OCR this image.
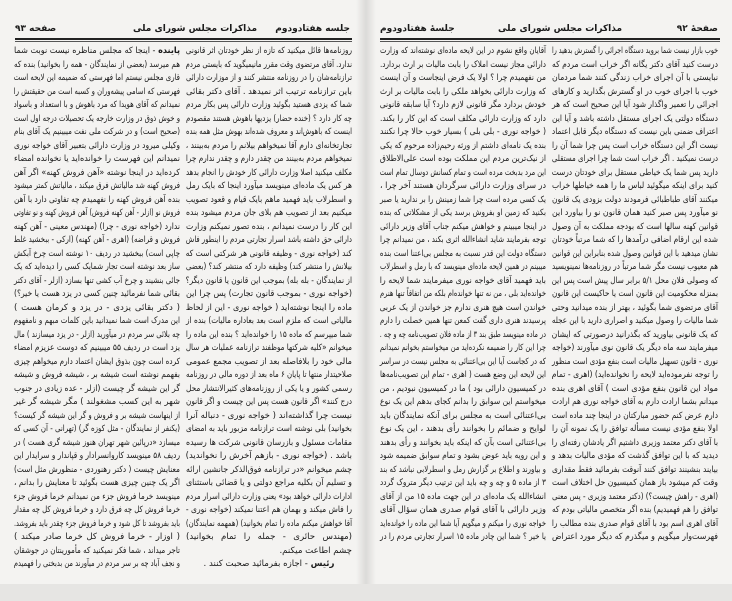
صفحه ۹۳	مذاکرات مجلس شورای ملی جلسه هفتادودوم
روزنامه‌ها قائل میکنید که تازه از نظر خودتان اثر قانونی
ندارد. آقای مرتضوی وقت مقرر مانیمیگوید که بایستی مردم
ترازنامه‌شان را در روزنامه منتشر کنند و از موزارت دارائی
باین ترازنامه ترتیب اثر نمیدهد . آقای دکتر بقائی
شما که یزدی هستید بگوئید وزارت دارائی پس بکار مردم
چه کار دارد ؟ (خنده حضار) یزدیها باهوش هستند مقصودم
اینست که باهوش‌اند و معروف شده‌اند بهوش مثل همه بنده
تجارتخانه‌ای دارم آقا نمیخواهم بیلانم را مردم به‌بینند ،
نمیخواهم مردم به‌بینند من چقدر دارم و چقدر ندارم چرا
مکلف میکنید اصلا وزارت دارائی کار خودش را انجام بدهد
هر کس یک ماده‌ای مینویسد میآورد اینجا که بایک رمل
و اسطرلاب باید فهمید ماهم بایک قیام و قعود تصویب
میکنیم بعد از تصویب هم بلای جان مردم میشود بنده
این کار را درست نمیدانم ، بنده تصور نمیکنم وزارت
دارائی حق داشته باشد اسرار تجارتی مردم را اینطور فاش
کند (خواجه نوری - وظیفه قانونی هر شرکتی است که
بیلانش را منتشر کند) وظیفه دارد که منتشر کند؟ (بعضی
از نمایندگان - بله بله) بموجب این قانون یا قانون دیگر؟
(خواجه نوری - بموجب قانون تجارت) پس چرا این
ماده را اینجا نوشته‌اید ( خواجه نوری - این از لحاظ
مالیاتی است که ملزم است بعد بعاداره مالیات) بنده از
شما میپرسم که ماده ۱۵ را خوانده‌اید ؟ بنده این ماده را
میخوانم «کلیه شرکتها موظفند ترازنامه عملیات هر سال
مالی خود را بلافاصله بعد از تصویب مجمع عمومی
صلاحیتدار منتها تا پایان ۶ ماه بعد از دوره مالی در روزنامه
رسمی کشور و یا یکی از روزنامه‌های کثیرالانتشار محل
درج کنند» اگر قانون هست پس این چیست و اگر قانون
نیست چرا گذاشته‌اند ( خواجه نوری - دنباله آنرا
بخوانید) بلی نوشته است ترازنامه مزبور باید به امضای
مقامات مسئول و بازرسان قانونی شرکت ها رسیده
باشد . (خواجه نوری - بازهم آخرش را نخواندید)
چشم میخوانم «در ترازنامه فوق‌الذکر جانشین ارائه
و تسلیم آن بکلیه مراجع دولتی و یا قضائی باستثنای
ادارات دارائی خواهد بود» یعنی وزارت دارائی اسرار مردم
را فاش میکند و بهمان هم اعتنا نمیکند (خواجه نوری -
آقا خواهش میکنم ماده را تمام بخوانید) (همهمه نمایندگان)
(مهندس حائری - جمله را تمام بخوانید)
چشم اطاعت میکنم.
رئیس - اجازه بفرمائید صحبت کنند .
پاینده - اینجا که مجلس مناظره نیست نوبت شما
هم میرسد (بعضی از نمایندگان - همه را بخوانید) بنده که
قاری مجلس نیستم اما فهرستی که ضمیمه این لایحه است
فهرستی که اسامی پیشه‌وران و کسبه است من حقیقتش را
نمیدانم که آقای هویدا که مرد باهوش و با استعداد و باسواد
و خوش ذوق در وزارت خارجه یک تحصیلات درجه اول است
(صحیح است) و در شرکت ملی نفت میبینیم یک آقای بنام
وکیلی میرود در وزارت دارائی بتعبیر آقای خواجه نوری
نمیدانم این فهرست را خوانده‌اید یا نخوانده امضاء
کرده‌اید در اینجا نوشته «آهن فروش کهنه» اگر آهن
فروش کهنه شد مالیاتش فرق میکند ، مالیاتش کمتر میشود
بنده آهن فروش کهنه را نفهمیدم چه تفاوتی دارد با آهن
فروش نو (ازلر - آهن کهنه فروش) آهن فروش کهنه و نو تفاوتی
ندارد (خواجه نوری - چرا) (مهندس معینی - آهن کهنه
فروش و قراضه) (اهری - آهن کهنه) (ارکی - ببخشید غلط
چاپی است) ببخشید در ردیف ۱۰ نوشته است چرخ آبکش
ساز بعد نوشته است تجار شمایک کسی را دیده‌اید که یک
جائی بنشیند و چرخ آب کشی تنها بسازد (ازلر - آقای دکتر
بقائی شما نفرمائید چنین کسی در یزد هست یا خیر؟)
( دکتر بقائی یزدی - در یزد و کرمان هست )
این مدرک است شما نمیدانید باین کلمات مبهم و نامفهوم
چه بلائی سر مردم در میآورید (ازلر - در یزد میسازند ) مال
یزد است در ردیف ۵۵ میبینیم که دوست عزیزم امضاء
کرده است چون بذوق ایشان اعتماد دارم میخواهم چیزی
بفهمم نوشته است شیشه بر ، شیشه فروش و شیشه
گر این شیشه گر چیست (ازلر - عده زیادی در جنوب
شهر به این کسب مشغولند ) مگر شیشه گر غیر
از اینهاست شیشه بر و فروش و گر این شیشه گر کیست؟
(یکنفر از نمایندگان - مثل کوزه گر) (تهرانی - آن کسی که
میسازد «درپائین شهر تهران هنوز شیشه گری هست ) در
ردیف ۵۸ مینویسد کاروانسرادار و قپاندار و سرایدار این
معنایش چیست ( دکتر رهنوردی - منظورش مثل است)
اگر یک چنین چیزی هست بگوئید تا معنایش را بدانم ،
مینویسد خرما فروش جزء من نمیدانم خرما فروش جزء
خرما فروش کل چه فرق دارد و خرما فروش کل چه مقدار
باید بفروشد تا کل شود و خرما فروش جزء چقدر باید بفروشد.
( اوزار - خرما فروش کل خرما صادر میکند )
تاجر میداند ، شما فکر نمیکنید که مأمورینتان در جوشقان
و نجف آباد چه بر سر مردم در میآورند من بدبختی را فهمیدم
صفحهٔ ۹۲
مذاکرات مجلس شورای ملی
جلسهٔ هفتادودوم
خوب بازار نیست شما بروید دستگاه اجرائی را گسترش بدهید را
درست کنید آقای دکتر یگانه اگر خراب است مردم که
نبایستی با آن اجرای خراب زندگی کنند شما مردمان
خوب با اجرای خوب در او گسترش بگذارید و کارهای
اجرائی را تعمیر واگذار شود آیا این صحیح است که هر
دستگاه دولتی یک اجرای مستقل داشته باشد و آیا این
اعتراف ضمنی باین نیست که دستگاه دیگر قابل اعتماد
نیست اگر این دستگاه خراب است پس چرا شما آن را
درست نمیکنید . اگر خراب است شما چرا اجرای مستقلی
دارید پس شما یک خیاطی مستقل برای خودتان درست
کنید برای اینکه میگوئید لباس ما را همه خیاطها خراب
میکنند آقای طباطبائی فرمودند دولت بزودی یک قانون
نو میآورد پس صبر کنید همان قانون نو را بیاورد این
قوانین کهنه سالها است که بودجه مملکت به آن وصول
شده این ارقام اضافی درآمدها را که شما مرتباً خودتان
نشان میدهید با این قوانین وصول شده بنابراین این قوانین
هم معیوب نیست مگر شما مرتباً در روزنامه‌ها نمینویسید
که وصولی فلان محل ۵/۱ برابر سال پیش است پس این
بمنزله محکومیت این قانون است یا حاکیست این قانون
آقای مرتضوی شما بگوئید ، بهتر از بنده میدانید وحتی
شما مالیات را وصول میکنید و اصراری دارید با این عجله
که یک قانونی بیاورید که بگذرانید درصورتی که ایشان
میفرمایند سه ماه دیگر یک قانون نوی میآورند (خواجه
نوری - قانون تسهیل مالیات است بنفع مؤدی است منظور
را توجه نفرموده‌اید لایحه را نخوانده‌اید) (اهری - تمام
مواد این قانون بنفع مؤدی است ) آقای اهری بنده
میدانم بشما ارادت دارم به آقای خواجه نوری هم ارادت
دارم عرض کنم حضور مبارکتان در اینجا چند ماده است
اولا بنفع مؤدی نیست مسأله توافق را یک نمونه آن را
با آقای دکتر معتمد وزیری داشتیم اگر یادشان رفته‌ای را
دیدید که با این توافق گذشت که مؤدی مالیات بدهد و
بیایند بنشینند توافق کنند آنوقت بفرمائید فقط مقداری
وقت کم میشود باز همان کمیسیون حل اختلاف است
(اهری - راهش چیست؟) (دکتر معتمد وزیری - پس معنی
توافق را هم فهمیدیم) بنده اگر متخصص مالیاتی بودم که
آقای اهری اسم بود با آقای قوام صدری بنده مطالب را
فهرست‌وار میگویم و میگذرم که دیگر مورد اعتراض
آقایان واقع نشوم در این لایحه ماده‌ای نوشته‌اند که وزارت
دارائی مجاز نیست املاک را بابت مالیات بر ارث بردارد.
من نفهمیدم چرا ؟ اولا یک فرض اینجاست و آن اینست
که وزارت دارائی بخواهد ملکی را بابت مالیات بر ارث
خودش بردارد مگر قانونی لازم دارد؟ آیا سابقه قانونی
دارد که وزارت دارائی مکلف است که این کار را بکند.
( خواجه نوری - بلی بلی ) بسیار خوب حالا چرا نکنند
بنده یک نامه‌ای داشتم از ورثه رحیم‌زاده مرحوم که یکی
از نیک‌ترین مردم این مملکت بوده است علی‌الاطلاق
این مرد بدبخت مرده است و تمام کسانش دوسال تمام است
در سرای وزارت دارائی سرگردان هستند آخر چرا ،
یک کسی مرده است چرا شما زمینش را بر ندارید یا صبر
بکنید که زمین او بفروش برسد یکی از مشکلاتی که بنده
در اینجا میبینم و خواهش میکنم جناب آقای وزیر دارائی
توجه بفرمایند شاید انشاءالله اثری بکند ، من نمیدانم چرا
دستگاه دولت این قدر نسبت به مجلس بی‌اعتنا است بنده
میبینم در همین لایحه ماده‌ای مینویسد که با رمل و اسطرلاب
باید فهمید آقای خواجه نوری میفرمایند شما لایحه را
خوانده‌اید بلی ، من نه تنها خوانده‌ام بلکه من اتفاقاً تنها هنرم
خواندن است هیچ هنری ندارم جز خواندن از یک عربی
پرسیدند هنری داری گفت کمعن تنها همین خصلت را دارم
در ماده مینویسد طبق بند ۳ از ماده فلان تصویب‌نامه چه و چه .
چرا این کار را ضمیمه نکرده‌اید من میخواستم بخوانم نمیدانم
که در کجاست آیا این بی‌اعتنائی به مجلس نیست در سراسر
این لایحه این وضع هست ( اهری - تمام این تصویب‌نامه‌ها
در کمیسیون دارائی بود ) ما در کمیسیون نبودیم ، من
میخواستم این سوابق را بدانم کجای بدهم این یک نوع
بی‌اعتنائی است به مجلس برای آنکه نمایندگان باید
لوایح و ضمائم را بخوانند رأی بدهند ، این یک نوع
بی‌اعتنائی است بآن که اینکه باید بخوانند و رأی بدهند
و این رویه باید عوض بشود و تمام سوابق ضمیمه شود
و بیاورند و اطلاع بر گزارش رمل و اسطرلابی نباشد که بند
۳ از ماده ۵ و چه و چه باید این ترتیب دیگر متروک گردد
انشاءالله یک ماده‌ای در این جهت ماده ۱۵ من از آقای
وزیر دارائی با آقای قوام صدری همان سؤال آقای
خواجه نوری را میکنم و میگویم آیا شما این ماده را خوانده‌اید
یا خیر ؟ شما این چادر ماده ۱۵ اسرار تجارتی مردم را در
